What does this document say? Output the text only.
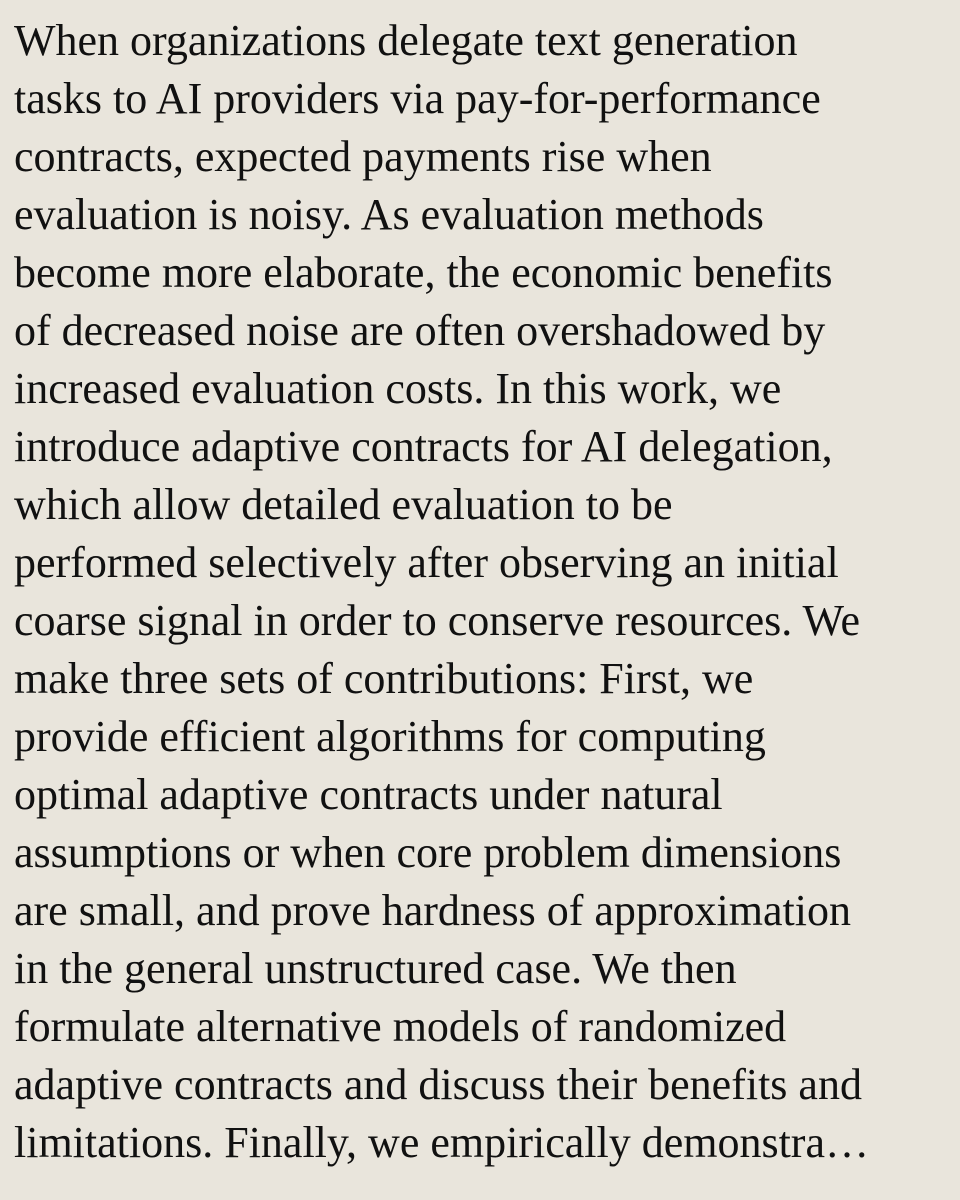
When organizations delegate text generation
tasks to AI providers via pay-for-performance
contracts, expected payments rise when
evaluation is noisy. As evaluation methods
become more elaborate, the economic benefits
of decreased noise are often overshadowed by
increased evaluation costs. In this work, we
introduce adaptive contracts for AI delegation,
which allow detailed evaluation to be
performed selectively after observing an initial
coarse signal in order to conserve resources. We
make three sets of contributions: First, we
provide efficient algorithms for computing
optimal adaptive contracts under natural
assumptions or when core problem dimensions
are small, and prove hardness of approximation
in the general unstructured case. We then
formulate alternative models of randomized
adaptive contracts and discuss their benefits and
limitations. Finally, we empirically demonstra…
